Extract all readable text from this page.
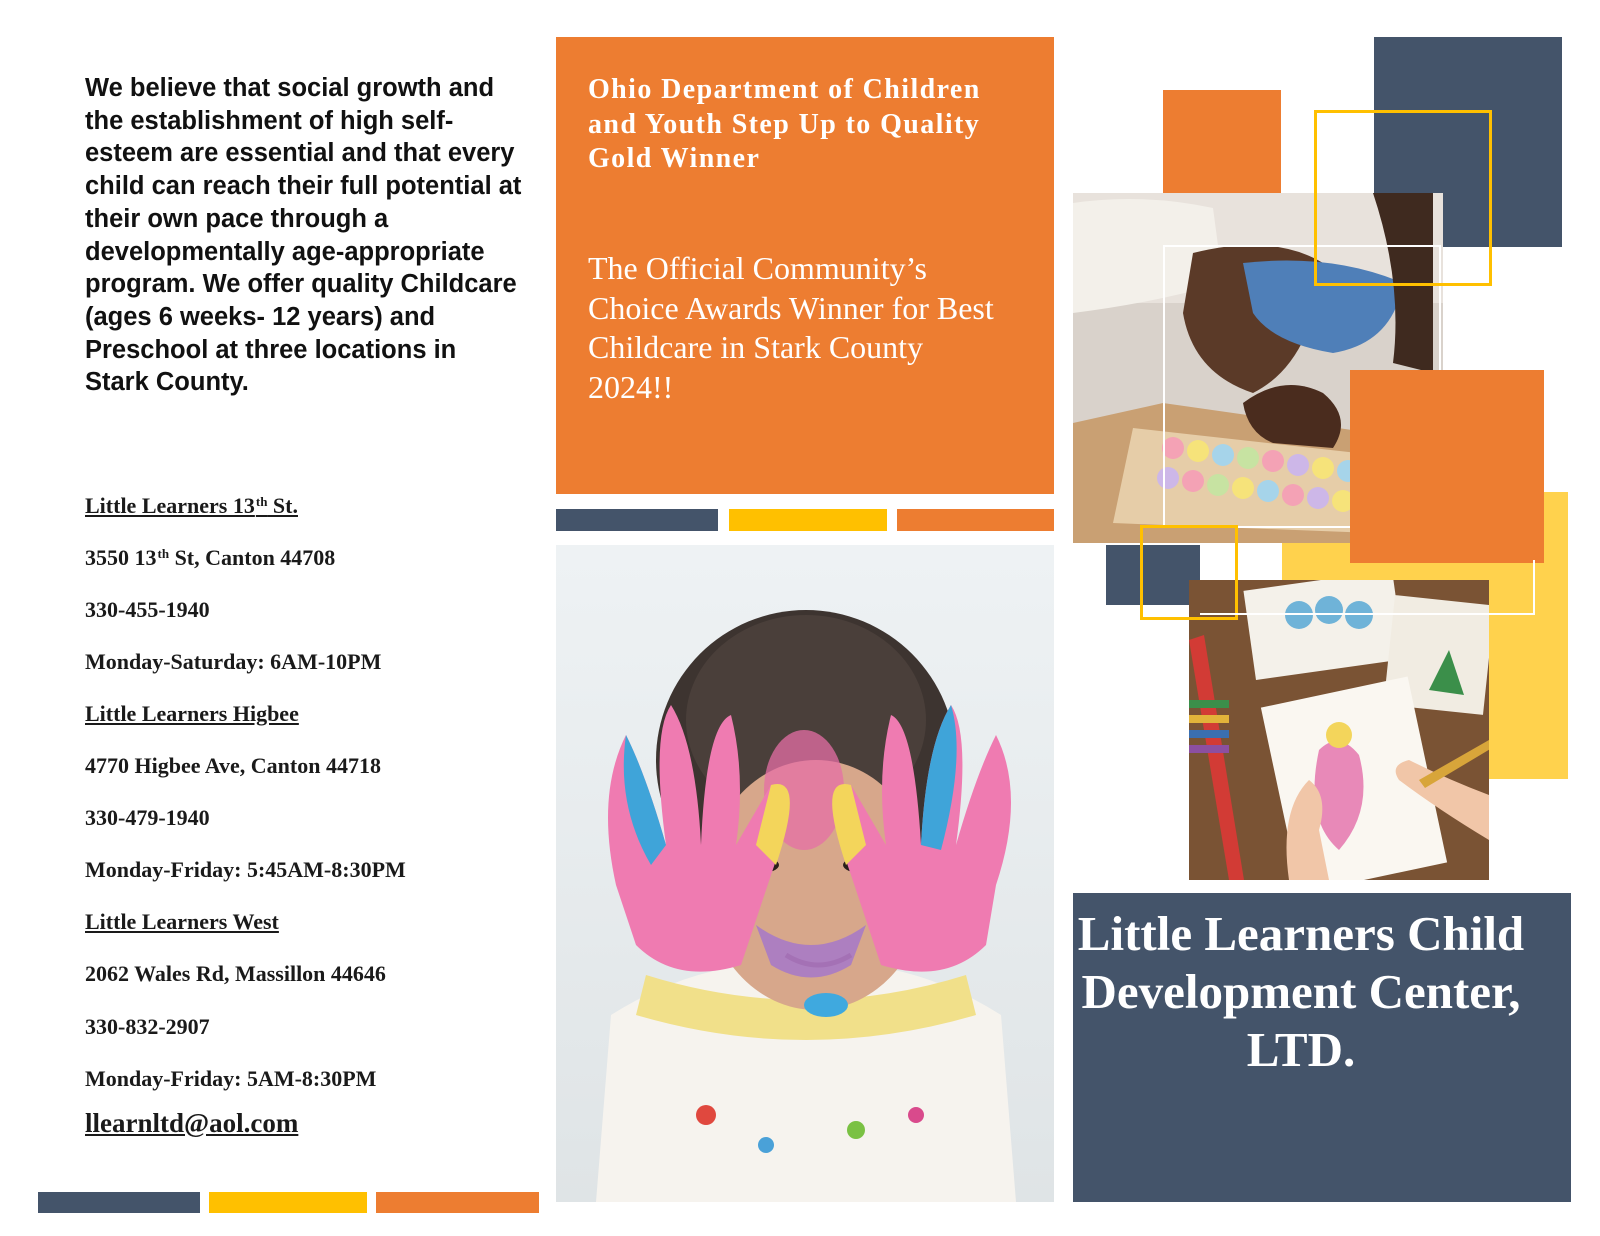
We believe that social growth and the establishment of high self-esteem are essential and that every child can reach their full potential at their own pace through a developmentally age-appropriate program. We offer quality Childcare (ages 6 weeks- 12 years) and Preschool at three locations in Stark County.

Little Learners 13th St.
3550 13th St, Canton 44708
330-455-1940
Monday-Saturday: 6AM-10PM
Little Learners Higbee
4770 Higbee Ave, Canton 44718
330-479-1940
Monday-Friday: 5:45AM-8:30PM
Little Learners West
2062 Wales Rd, Massillon 44646
330-832-2907
Monday-Friday: 5AM-8:30PM
llearnltd@aol.com

Ohio Department of Children and Youth Step Up to Quality Gold Winner

The Official Community’s Choice Awards Winner for Best Childcare in Stark County 2024!!

Little Learners Child Development Center, LTD.
